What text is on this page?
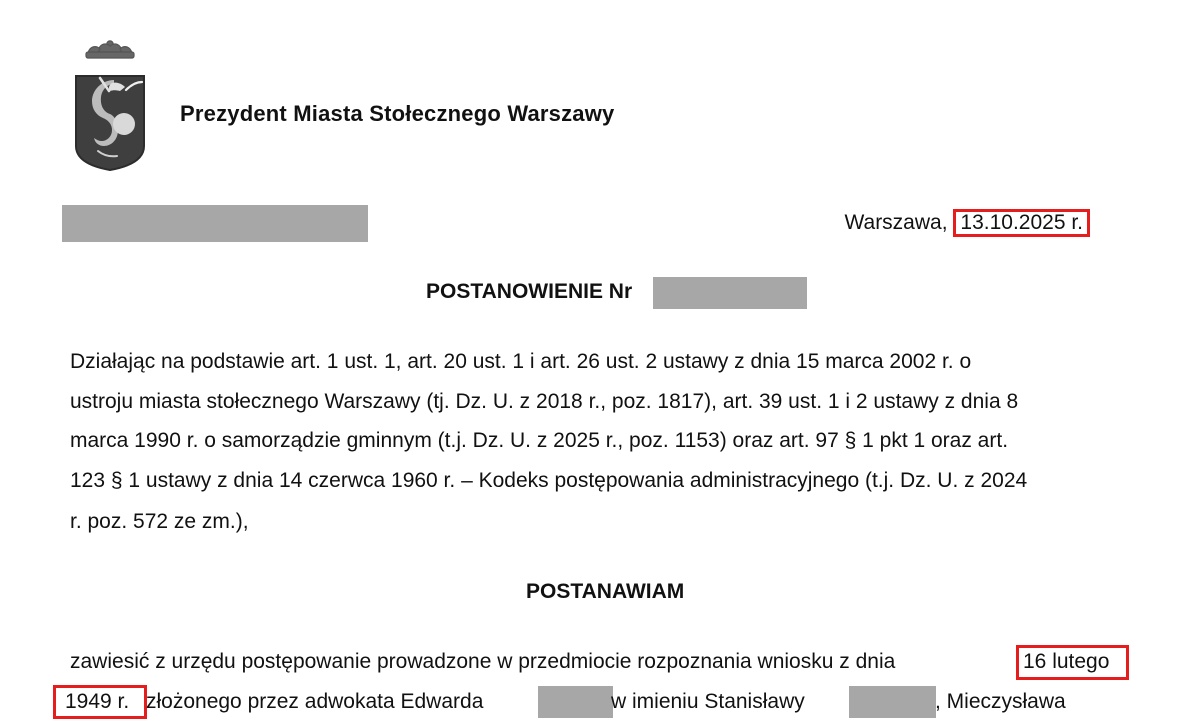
Prezydent Miasta Stołecznego Warszawy
Warszawa, 13.10.2025 r.
POSTANOWIENIE Nr
Działając na podstawie art. 1 ust. 1, art. 20 ust. 1 i art. 26 ust. 2 ustawy z dnia 15 marca 2002 r. o
ustroju miasta stołecznego Warszawy (tj. Dz. U. z 2018 r., poz. 1817), art. 39 ust. 1 i 2 ustawy z dnia 8
marca 1990 r. o samorządzie gminnym (t.j. Dz. U. z 2025 r., poz. 1153) oraz art. 97 § 1 pkt 1 oraz art.
123 § 1 ustawy z dnia 14 czerwca 1960 r. – Kodeks postępowania administracyjnego (t.j. Dz. U. z 2024
r. poz. 572 ze zm.),
POSTANAWIAM
zawiesić z urzędu postępowanie prowadzone w przedmiocie rozpoznania wniosku z dnia	16 lutego
1949 r. złożonego przez adwokata Edwarda	w imieniu Stanisławy	, Mieczysława
